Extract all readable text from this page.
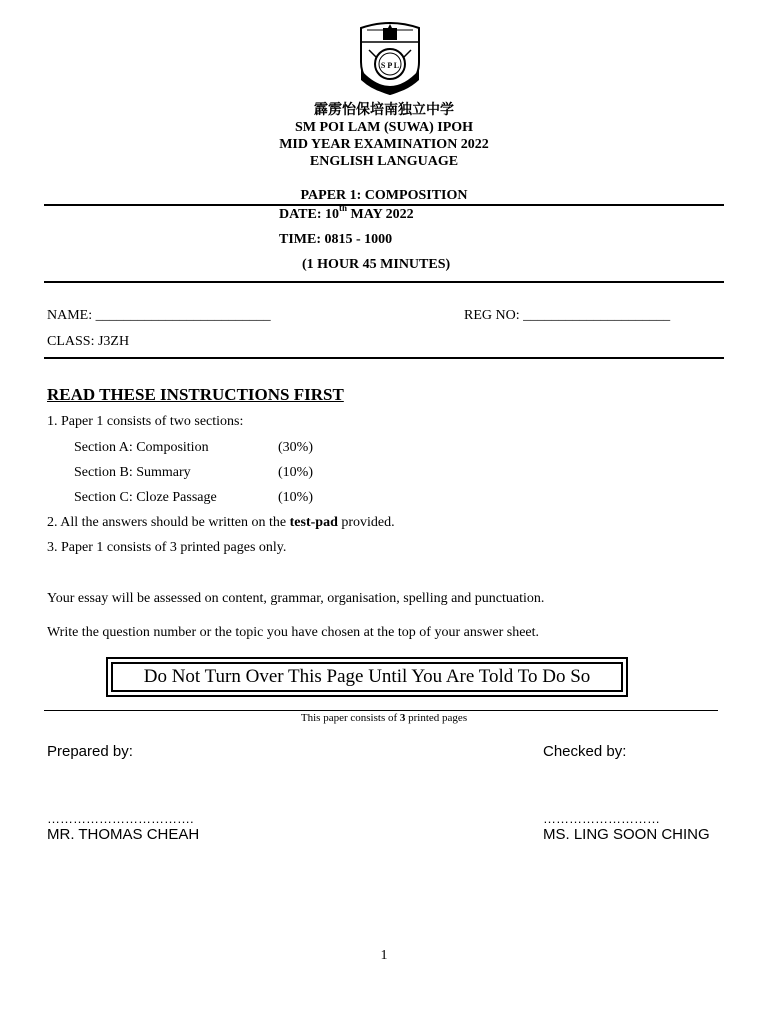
S P L
霹雳怡保培南独立中学
SM POI LAM (SUWA) IPOH
MID YEAR EXAMINATION 2022
ENGLISH LANGUAGE
PAPER 1: COMPOSITION
DATE: 10th MAY 2022
TIME: 0815 - 1000
(1 HOUR 45 MINUTES)
NAME: _________________________	REG NO: _____________________
CLASS: J3ZH
READ THESE INSTRUCTIONS FIRST
1. Paper 1 consists of two sections:
Section A: Composition	(30%)
Section B: Summary	(10%)
Section C: Cloze Passage	(10%)
2. All the answers should be written on the test-pad provided.
3. Paper 1 consists of 3 printed pages only.
Your essay will be assessed on content, grammar, organisation, spelling and punctuation.
Write the question number or the topic you have chosen at the top of your answer sheet.
Do Not Turn Over This Page Until You Are Told To Do So
This paper consists of 3 printed pages
Prepared by:	Checked by:
…………………………….	………………………
MR. THOMAS CHEAH	MS. LING SOON CHING
1
